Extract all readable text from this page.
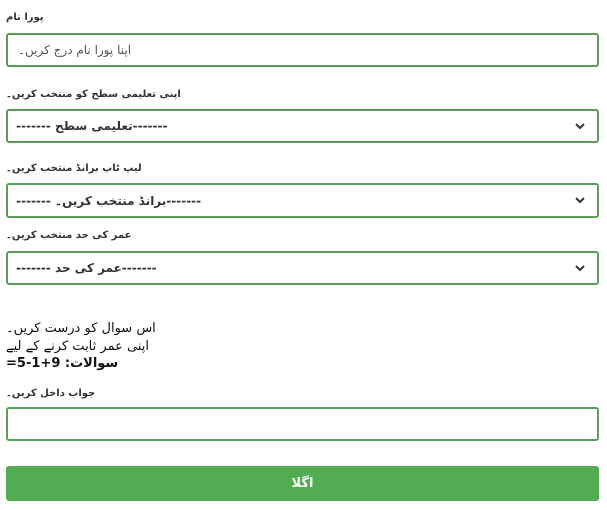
پورا نام
اپنا پورا نام درج کریں۔
اپنی تعلیمی سطح کو منتخب کریں۔
-------تعلیمی سطح -------
لیپ ٹاپ برانڈ منتخب کریں۔
-------برانڈ منتخب کریں۔ -------
عمر کی حد منتخب کریں۔
-------عمر کی حد -------
اس سوال کو درست کریں۔
اپنی عمر ثابت کرنے کے لیے
سوالات: 9+1-5=
جواب داخل کریں۔
اگلا
